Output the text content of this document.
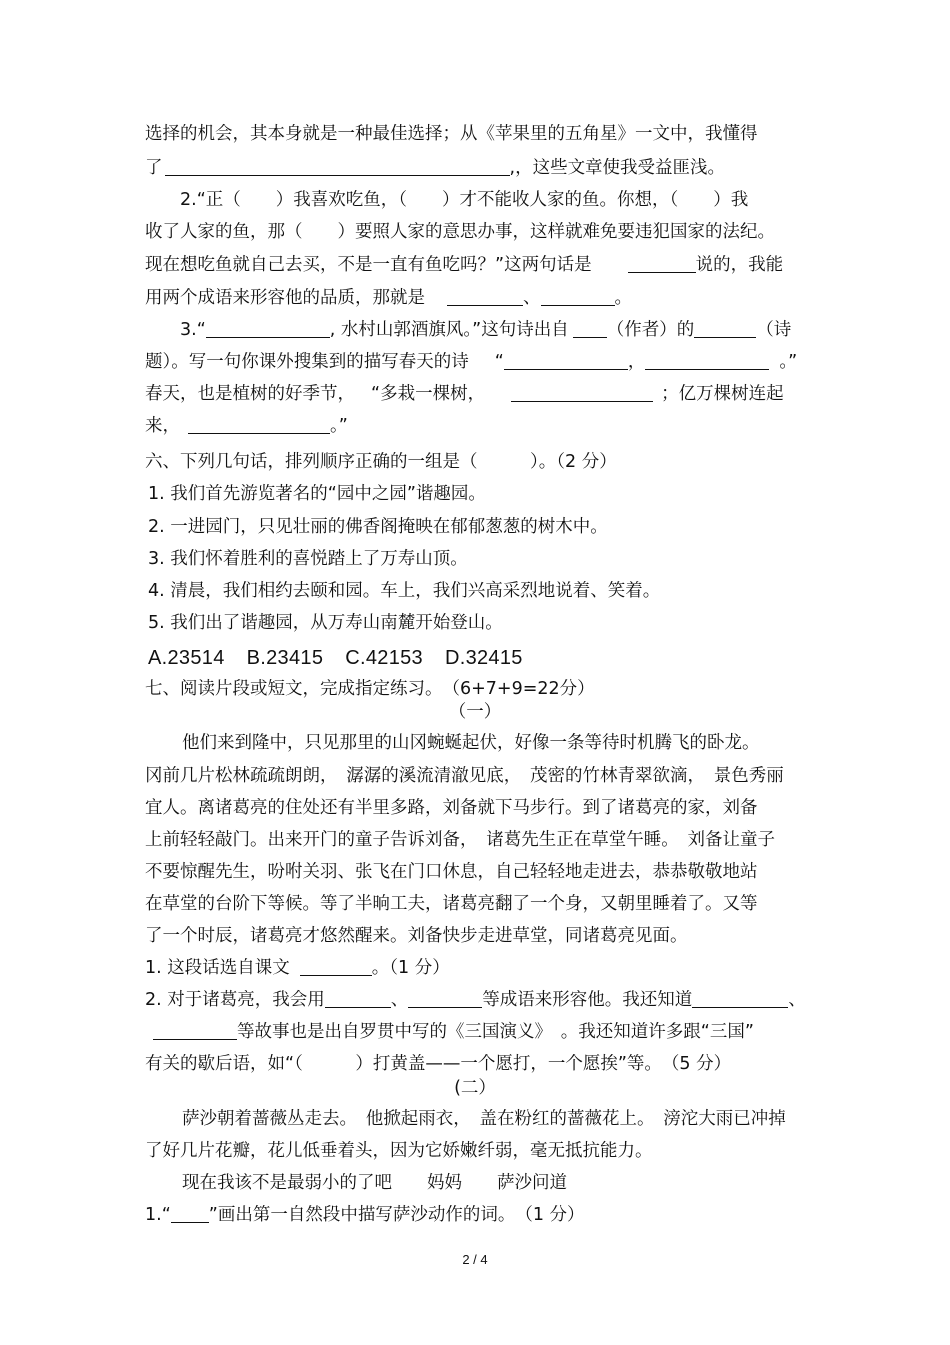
选择的机会，其本身就是一种最佳选择；从《苹果里的五角星》一文中，我懂得
了	,，这些文章使我受益匪浅。
2.“正（　　）我喜欢吃鱼，（　　）才不能收人家的鱼。你想，（　　）我
收了人家的鱼，那（　　）要照人家的意思办事，这样就难免要违犯国家的法纪。
现在想吃鱼就自己去买，不是一直有鱼吃吗？”这两句话是	说的，我能
用两个成语来形容他的品质，那就是	、	。
3.“	, 水村山郭酒旗风。”这句诗出自 （作者）的	（诗
题）。写一句你课外搜集到的描写春天的诗 “	，	。”
春天，也是植树的好季节， “多栽一棵树，	；亿万棵树连起
来，	。”
六、下列几句话，排列顺序正确的一组是（　　　）。（2 分）
1. 我们首先游览著名的“园中之园”谐趣园。
2. 一进园门，只见壮丽的佛香阁掩映在郁郁葱葱的树木中。
3. 我们怀着胜利的喜悦踏上了万寿山顶。
4. 清晨，我们相约去颐和园。车上，我们兴高采烈地说着、笑着。
5. 我们出了谐趣园，从万寿山南麓开始登山。
A.23514 B.23415 C.42153 D.32415
七、阅读片段或短文，完成指定练习。　（6+7+9=22分）
（一）
他们来到隆中，只见那里的山冈蜿蜒起伏，好像一条等待时机腾飞的卧龙。
冈前几片松林疏疏朗朗，　潺潺的溪流清澈见底，　茂密的竹林青翠欲滴，　景色秀丽
宜人。离诸葛亮的住处还有半里多路，刘备就下马步行。到了诸葛亮的家，刘备
上前轻轻敲门。出来开门的童子告诉刘备，　诸葛先生正在草堂午睡。　刘备让童子
不要惊醒先生，吩咐关羽、张飞在门口休息，自己轻轻地走进去，恭恭敬敬地站
在草堂的台阶下等候。等了半晌工夫，诸葛亮翻了一个身，又朝里睡着了。又等
了一个时辰，诸葛亮才悠然醒来。刘备快步走进草堂，同诸葛亮见面。
1. 这段话选自课文	。（1 分）
2. 对于诸葛亮，我会用	、	等成语来形容他。我还知道	、
等故事也是出自罗贯中写的《三国演义》　。我还知道许多跟“三国”
有关的歇后语，如“（　　　）打黄盖——一个愿打，一个愿挨”等。　（5 分）
(二）
萨沙朝着蔷薇丛走去。　他掀起雨衣，　盖在粉红的蔷薇花上。　滂沱大雨已冲掉
了好几片花瓣，花儿低垂着头，因为它娇嫩纤弱，毫无抵抗能力。
现在我该不是最弱小的了吧　　妈妈　　萨沙问道
1.“ ”画出第一自然段中描写萨沙动作的词。　（1 分）
2 / 4
